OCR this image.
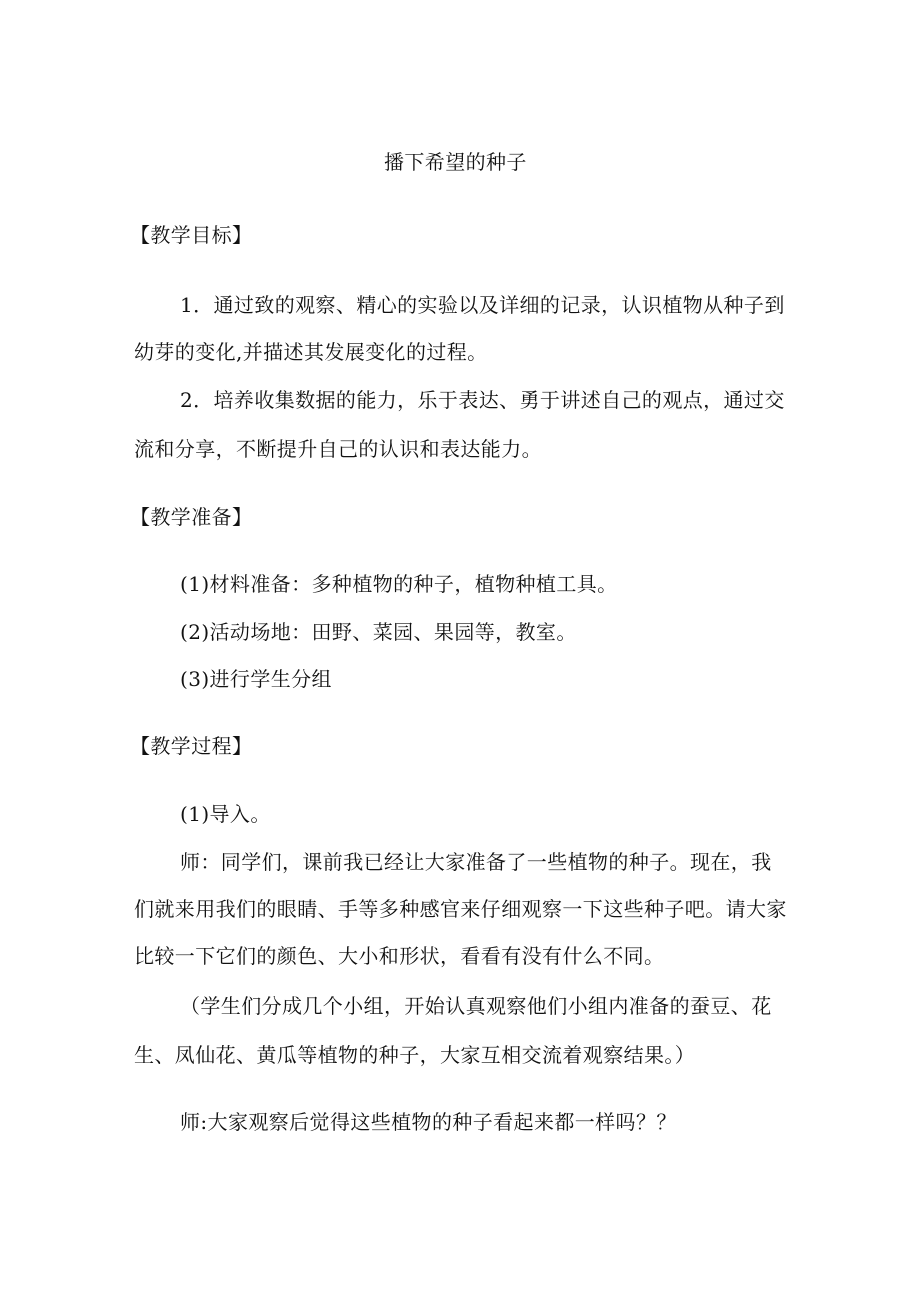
播下希望的种子
【教学目标】
1．通过致的观察、精心的实验以及详细的记录，认识植物从种子到
幼芽的变化,并描述其发展变化的过程。
2．培养收集数据的能力，乐于表达、勇于讲述自己的观点，通过交
流和分享，不断提升自己的认识和表达能力。
【教学准备】
(1)材料准备：多种植物的种子，植物种植工具。
(2)活动场地：田野、菜园、果园等，教室。
(3)进行学生分组
【教学过程】
(1)导入。
师：同学们，课前我已经让大家准备了一些植物的种子。现在，我
们就来用我们的眼睛、手等多种感官来仔细观察一下这些种子吧。请大家
比较一下它们的颜色、大小和形状，看看有没有什么不同。
（学生们分成几个小组，开始认真观察他们小组内准备的蚕豆、花
生、凤仙花、黄瓜等植物的种子，大家互相交流着观察结果。）
师:大家观察后觉得这些植物的种子看起来都一样吗？？
